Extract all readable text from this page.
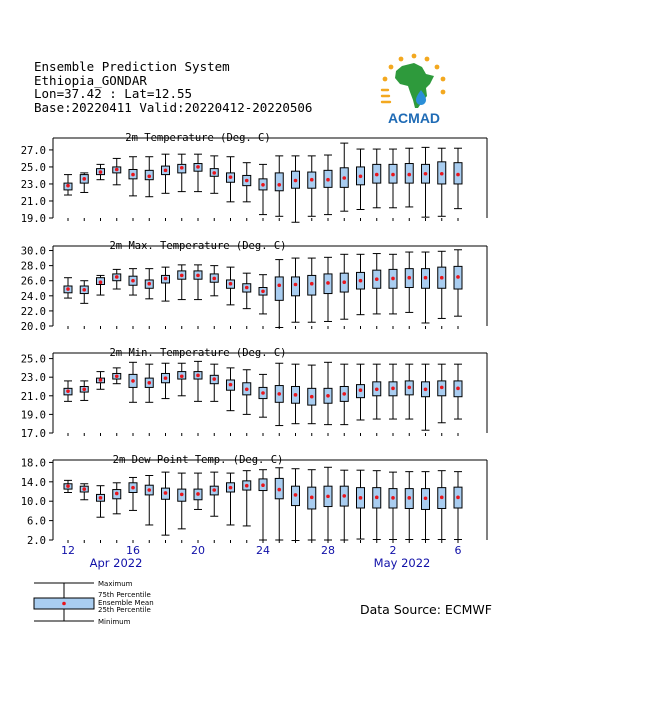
Ensemble Prediction System
Ethiopia_GONDAR
Lon=37.42 : Lat=12.55
Base:20220411 Valid:20220412-20220506
ACMAD
2m Temperature (Deg. C)
27.0
25.0
23.0
21.0
19.0
2m Max. Temperature (Deg. C)
30.0
28.0
26.0
24.0
22.0
20.0
2m Min. Temperature (Deg. C)
25.0
23.0
21.0
19.0
17.0
2m Dew Point Temp. (Deg. C)
18.0
14.0
10.0
6.0
2.0
12	16	20	24	28	2	6
Apr 2022	May 2022
Maximum
75th Percentile
Ensemble Mean
25th Percentile
Minimum
Data Source: ECMWF
